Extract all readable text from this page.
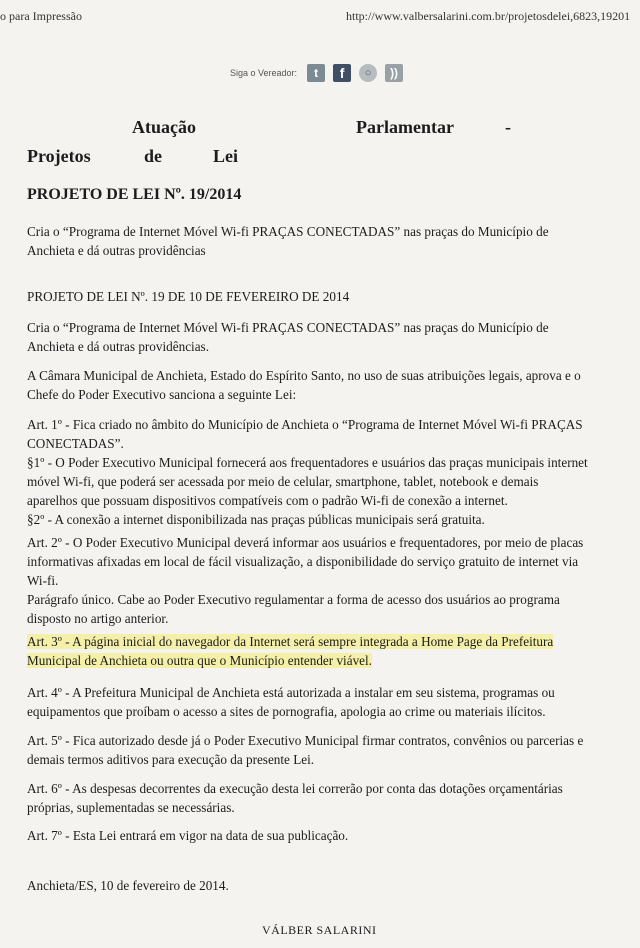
o para Impressão	http://www.valbersalarini.com.br/projetosdelei,6823,19201
Siga o Vereador:	t	f	○	))
Atuação	Parlamentar	-
Projetos	de	Lei
PROJETO DE LEI Nº. 19/2014
Cria o “Programa de Internet Móvel Wi-fi PRAÇAS CONECTADAS” nas praças do Município de
Anchieta e dá outras providências
PROJETO DE LEI Nº. 19 DE 10 DE FEVEREIRO DE 2014
Cria o “Programa de Internet Móvel Wi-fi PRAÇAS CONECTADAS” nas praças do Município de
Anchieta e dá outras providências.
A Câmara Municipal de Anchieta, Estado do Espírito Santo, no uso de suas atribuições legais, aprova e o
Chefe do Poder Executivo sanciona a seguinte Lei:
Art. 1º - Fica criado no âmbito do Município de Anchieta o “Programa de Internet Móvel Wi-fi PRAÇAS
CONECTADAS”.
§1º - O Poder Executivo Municipal fornecerá aos frequentadores e usuários das praças municipais internet
móvel Wi-fi, que poderá ser acessada por meio de celular, smartphone, tablet, notebook e demais
aparelhos que possuam dispositivos compatíveis com o padrão Wi-fi de conexão a internet.
§2º - A conexão a internet disponibilizada nas praças públicas municipais será gratuita.
Art. 2º - O Poder Executivo Municipal deverá informar aos usuários e frequentadores, por meio de placas
informativas afixadas em local de fácil visualização, a disponibilidade do serviço gratuito de internet via
Wi-fi.
Parágrafo único. Cabe ao Poder Executivo regulamentar a forma de acesso dos usuários ao programa
disposto no artigo anterior.
Art. 3º - A página inicial do navegador da Internet será sempre integrada a Home Page da Prefeitura
Municipal de Anchieta ou outra que o Município entender viável.
Art. 4º - A Prefeitura Municipal de Anchieta está autorizada a instalar em seu sistema, programas ou
equipamentos que proíbam o acesso a sites de pornografia, apologia ao crime ou materiais ilícitos.
Art. 5º - Fica autorizado desde já o Poder Executivo Municipal firmar contratos, convênios ou parcerias e
demais termos aditivos para execução da presente Lei.
Art. 6º - As despesas decorrentes da execução desta lei correrão por conta das dotações orçamentárias
próprias, suplementadas se necessárias.
Art. 7º - Esta Lei entrará em vigor na data de sua publicação.
Anchieta/ES, 10 de fevereiro de 2014.
VÁLBER SALARINI
